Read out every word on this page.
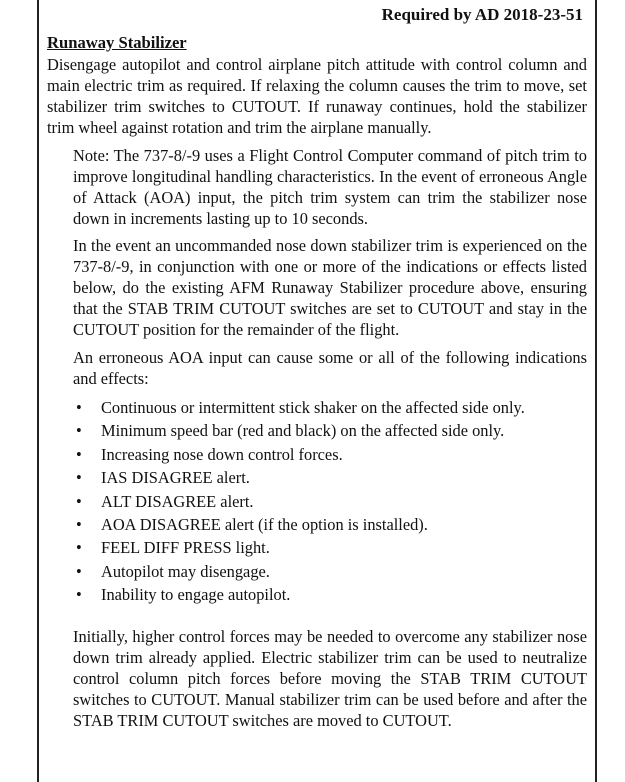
Required by AD 2018-23-51
Runaway Stabilizer

Disengage autopilot and control airplane pitch attitude with control column and main electric trim as required. If relaxing the column causes the trim to move, set stabilizer trim switches to CUTOUT. If runaway continues, hold the stabilizer trim wheel against rotation and trim the airplane manually.

Note: The 737-8/-9 uses a Flight Control Computer command of pitch trim to improve longitudinal handling characteristics. In the event of erroneous Angle of Attack (AOA) input, the pitch trim system can trim the stabilizer nose down in increments lasting up to 10 seconds.

In the event an uncommanded nose down stabilizer trim is experienced on the 737-8/-9, in conjunction with one or more of the indications or effects listed below, do the existing AFM Runaway Stabilizer procedure above, ensuring that the STAB TRIM CUTOUT switches are set to CUTOUT and stay in the CUTOUT position for the remainder of the flight.

An erroneous AOA input can cause some or all of the following indications and effects:

• Continuous or intermittent stick shaker on the affected side only.
• Minimum speed bar (red and black) on the affected side only.
• Increasing nose down control forces.
• IAS DISAGREE alert.
• ALT DISAGREE alert.
• AOA DISAGREE alert (if the option is installed).
• FEEL DIFF PRESS light.
• Autopilot may disengage.
• Inability to engage autopilot.

Initially, higher control forces may be needed to overcome any stabilizer nose down trim already applied. Electric stabilizer trim can be used to neutralize control column pitch forces before moving the STAB TRIM CUTOUT switches to CUTOUT. Manual stabilizer trim can be used before and after the STAB TRIM CUTOUT switches are moved to CUTOUT.
